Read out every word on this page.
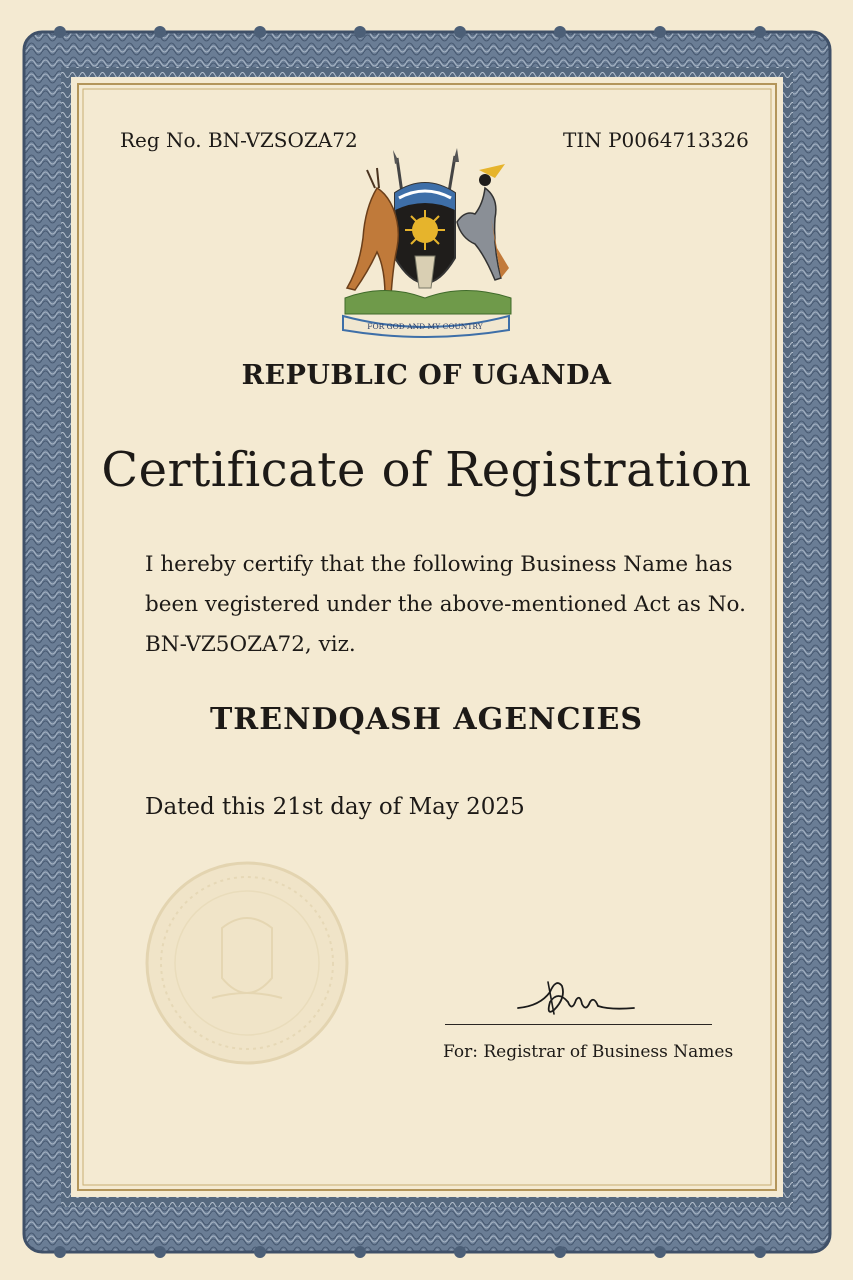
Reg No. BN-VZSOZA72	TIN P0064713326
FOR GOD AND MY COUNTRY
REPUBLIC OF UGANDA
Certificate of Registration
I hereby certify that the following Business Name has
been vegistered under the above-mentioned Act as No.
BN-VZ5OZA72, viz.
TRENDQASH AGENCIES
Dated this 21st day of May 2025
For: Registrar of Business Names
